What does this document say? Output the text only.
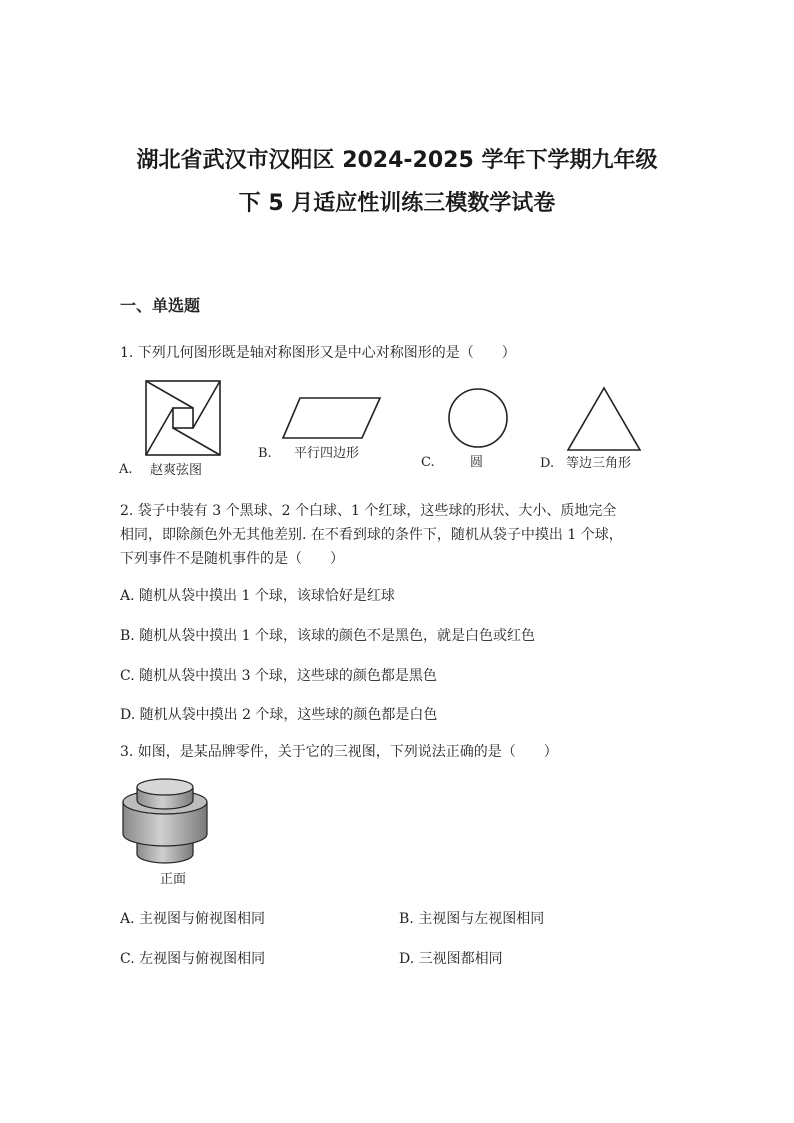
湖北省武汉市汉阳区 2024-2025 学年下学期九年级
下 5 月适应性训练三模数学试卷
一、单选题
1. 下列几何图形既是轴对称图形又是中心对称图形的是（　　）
A. 赵爽弦图
B. 平行四边形
C.	圆	D. 等边三角形
2. 袋子中装有 3 个黑球、2 个白球、1 个红球，这些球的形状、大小、质地完全
相同，即除颜色外无其他差别. 在不看到球的条件下，随机从袋子中摸出 1 个球，
下列事件不是随机事件的是（　　）
A. 随机从袋中摸出 1 个球，该球恰好是红球
B. 随机从袋中摸出 1 个球，该球的颜色不是黑色，就是白色或红色
C. 随机从袋中摸出 3 个球，这些球的颜色都是黑色
D. 随机从袋中摸出 2 个球，这些球的颜色都是白色
3. 如图，是某品牌零件，关于它的三视图，下列说法正确的是（　　）
正面
A. 主视图与俯视图相同	B. 主视图与左视图相同
C. 左视图与俯视图相同	D. 三视图都相同
